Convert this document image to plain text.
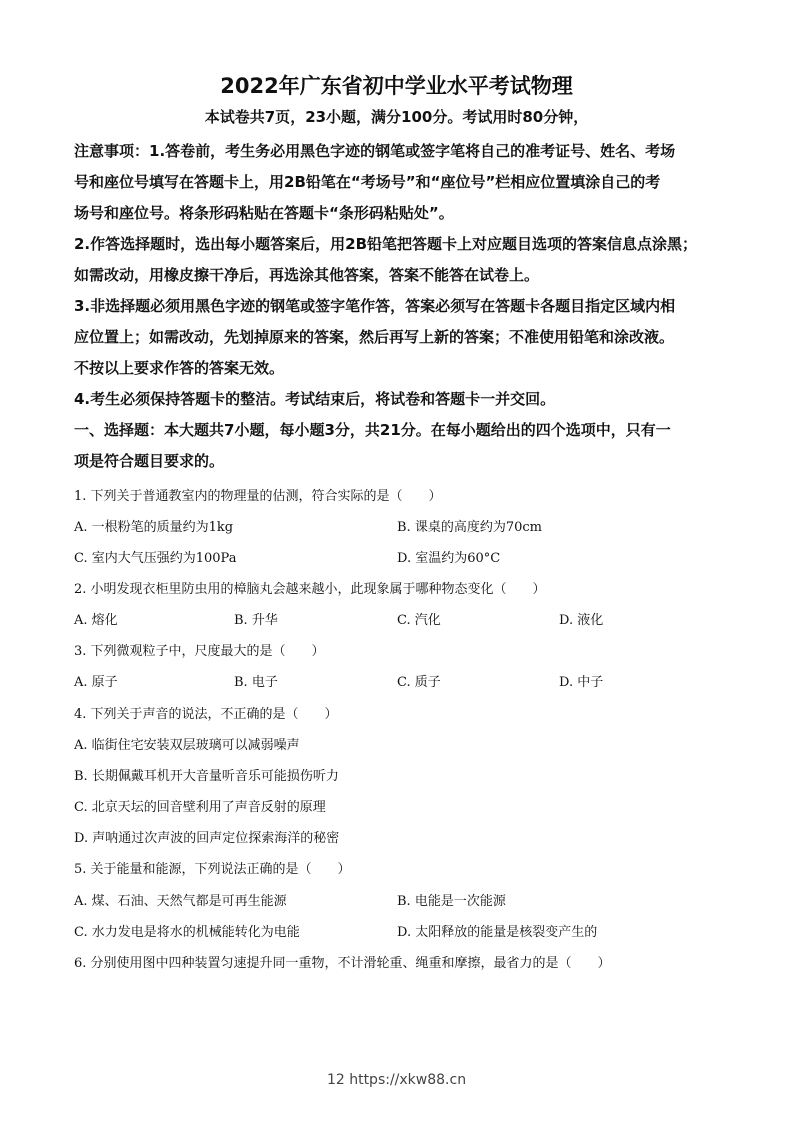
2022年广东省初中学业水平考试物理
本试卷共7页，23小题，满分100分。考试用时80分钟，
注意事项：1.答卷前，考生务必用黑色字迹的钢笔或签字笔将自己的准考证号、姓名、考场
号和座位号填写在答题卡上，用2B铅笔在“考场号”和“座位号”栏相应位置填涂自己的考
场号和座位号。将条形码粘贴在答题卡“条形码粘贴处”。
2.作答选择题时，选出每小题答案后，用2B铅笔把答题卡上对应题目选项的答案信息点涂黑；
如需改动，用橡皮擦干净后，再选涂其他答案，答案不能答在试卷上。
3.非选择题必须用黑色字迹的钢笔或签字笔作答，答案必须写在答题卡各题目指定区域内相
应位置上；如需改动，先划掉原来的答案，然后再写上新的答案；不准使用铅笔和涂改液。
不按以上要求作答的答案无效。
4.考生必须保持答题卡的整洁。考试结束后，将试卷和答题卡一并交回。
一、选择题：本大题共7小题，每小题3分，共21分。在每小题给出的四个选项中，只有一
项是符合题目要求的。
1. 下列关于普通教室内的物理量的估测，符合实际的是（　　）
A. 一根粉笔的质量约为1kg	B. 课桌的高度约为70cm
C. 室内大气压强约为100Pa	D. 室温约为60°C
2. 小明发现衣柜里防虫用的樟脑丸会越来越小，此现象属于哪种物态变化（　　）
A. 熔化	B. 升华	C. 汽化	D. 液化
3. 下列微观粒子中，尺度最大的是（　　）
A. 原子	B. 电子	C. 质子	D. 中子
4. 下列关于声音的说法，不正确的是（　　）
A. 临街住宅安装双层玻璃可以减弱噪声
B. 长期佩戴耳机开大音量听音乐可能损伤听力
C. 北京天坛的回音壁利用了声音反射的原理
D. 声呐通过次声波的回声定位探索海洋的秘密
5. 关于能量和能源，下列说法正确的是（　　）
A. 煤、石油、天然气都是可再生能源	B. 电能是一次能源
C. 水力发电是将水的机械能转化为电能	D. 太阳释放的能量是核裂变产生的
6. 分别使用图中四种装置匀速提升同一重物，不计滑轮重、绳重和摩擦，最省力的是（　　）
12 https://xkw88.cn
